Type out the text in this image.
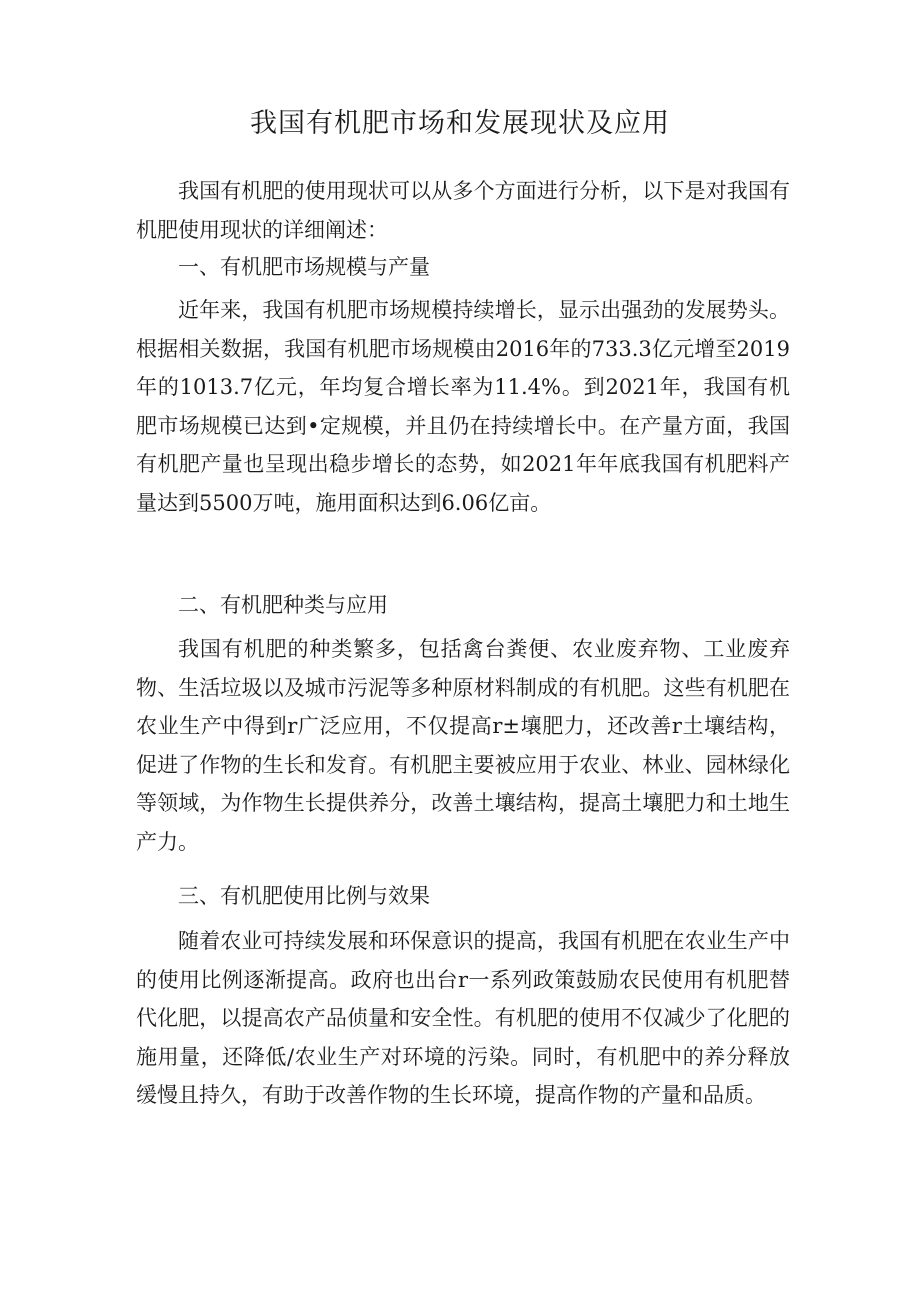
我国有机肥市场和发展现状及应用

我国有机肥的使用现状可以从多个方面进行分析，以下是对我国有机肥使用现状的详细阐述：

一、有机肥市场规模与产量

近年来，我国有机肥市场规模持续增长，显示出强劲的发展势头。根据相关数据，我国有机肥市场规模由2016年的733.3亿元增至2019年的1013.7亿元，年均复合增长率为11.4%。到2021年，我国有机肥市场规模已达到•定规模，并且仍在持续增长中。在产量方面，我国有机肥产量也呈现出稳步增长的态势，如2021年年底我国有机肥料产量达到5500万吨，施用面积达到6.06亿亩。

二、有机肥种类与应用

我国有机肥的种类繁多，包括禽台粪便、农业废弃物、工业废弃物、生活垃圾以及城市污泥等多种原材料制成的有机肥。这些有机肥在农业生产中得到r广泛应用，不仅提高r±壤肥力，还改善r土壤结构，促进了作物的生长和发育。有机肥主要被应用于农业、林业、园林绿化等领域，为作物生长提供养分，改善土壤结构，提高土壤肥力和土地生产力。

三、有机肥使用比例与效果

随着农业可持续发展和环保意识的提高，我国有机肥在农业生产中的使用比例逐渐提高。政府也出台r一系列政策鼓励农民使用有机肥替代化肥，以提高农产品侦量和安全性。有机肥的使用不仅减少了化肥的施用量，还降低/农业生产对环境的污染。同时，有机肥中的养分释放缓慢且持久，有助于改善作物的生长环境，提高作物的产量和品质。
